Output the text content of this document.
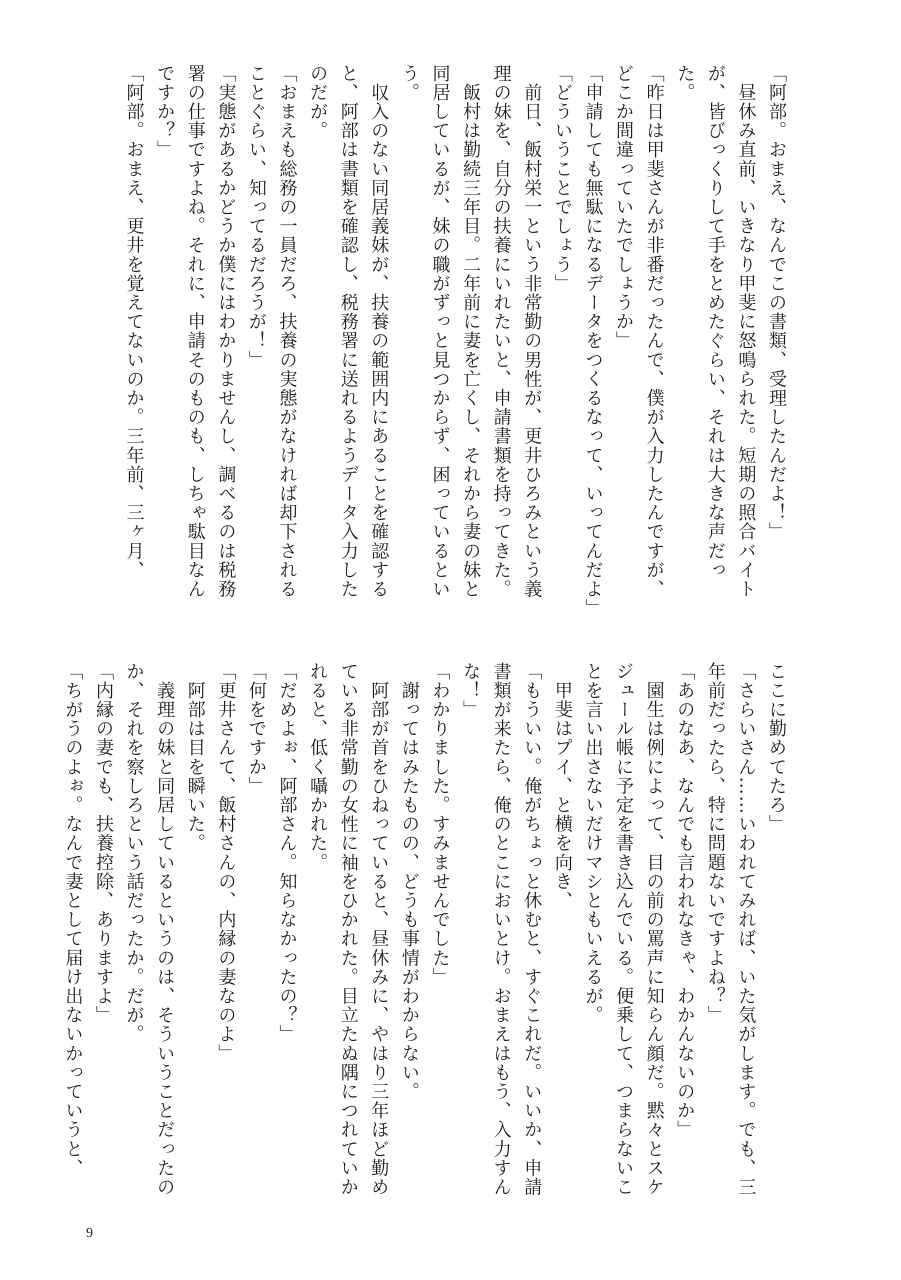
「阿部。おまえ、なんでこの書類、受理したんだよ！」

　昼休み直前、いきなり甲斐に怒鳴られた。短期の照合バイトが、皆びっくりして手をとめたぐらい、それは大きな声だった。

「昨日は甲斐さんが非番だったんで、僕が入力したんですが、どこか間違っていたでしょうか」

「申請しても無駄になるデータをつくるなって、いってんだよ」

「どういうことでしょう」

　前日、飯村栄一という非常勤の男性が、更井ひろみという義理の妹を、自分の扶養にいれたいと、申請書類を持ってきた。

　飯村は勤続三年目。二年前に妻を亡くし、それから妻の妹と同居しているが、妹の職がずっと見つからず、困っているという。

　収入のない同居義妹が、扶養の範囲内にあることを確認すると、阿部は書類を確認し、税務署に送れるようデータ入力したのだが。

「おまえも総務の一員だろ、扶養の実態がなければ却下されることぐらい、知ってるだろうが！」

「実態があるかどうか僕にはわかりませんし、調べるのは税務署の仕事ですよね。それに、申請そのものも、しちゃ駄目なんですか？」

「阿部。おまえ、更井を覚えてないのか。三年前、三ヶ月、

ここに勤めてたろ」

「さらいさん……いわれてみれば、いた気がします。でも、三年前だったら、特に問題ないですよね？」

「あのなあ、なんでも言われなきゃ、わかんないのか」

　園生は例によって、目の前の罵声に知らん顔だ。黙々とスケジュール帳に予定を書き込んでいる。便乗して、つまらないことを言い出さないだけマシともいえるが。

　甲斐はプイ、と横を向き、

「もういい。俺がちょっと休むと、すぐこれだ。いいか、申請書類が来たら、俺のとこにおいとけ。おまえはもう、入力すんな！」

「わかりました。すみませんでした」

　謝ってはみたものの、どうも事情がわからない。

　阿部が首をひねっていると、昼休みに、やはり三年ほど勤めている非常勤の女性に袖をひかれた。目立たぬ隅につれていかれると、低く囁かれた。

「だめよぉ、阿部さん。知らなかったの？」

「何をですか」

「更井さんて、飯村さんの、内縁の妻なのよ」

　阿部は目を瞬いた。

　義理の妹と同居しているというのは、そういうことだったのか、それを察しろという話だったか。だが。

「内縁の妻でも、扶養控除、ありますよ」

「ちがうのよぉ。なんで妻として届け出ないかっていうと、

9
